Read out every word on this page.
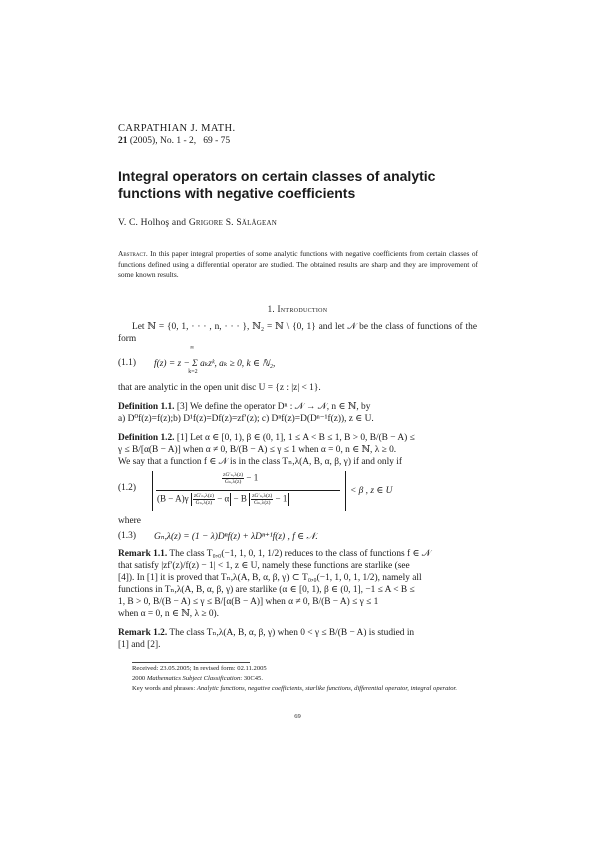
CARPATHIAN J. MATH.
21 (2005), No. 1 - 2, 69 - 75
Integral operators on certain classes of analytic
functions with negative coefficients
V. C. Holhoş and Grigore S. Sălăgean
Abstract. In this paper integral properties of some analytic functions with negative coefficients from certain classes of functions defined using a differential operator are studied. The obtained results are sharp and they are improvement of some known results.
1. Introduction
Let ℕ = {0, 1, · · · , n, · · · }, ℕ₂ = ℕ \ {0, 1} and let 𝒩 be the class of functions of the form
(1.1)
∞
k=2
f(z) = z − Σ aₖzᵏ, aₖ ≥ 0, k ∈ ℕ₂,
that are analytic in the open unit disc U = {z : |z| < 1}.
Definition 1.1. [3] We define the operator Dⁿ : 𝒩 → 𝒩, n ∈ ℕ, by
a) D⁰f(z)=f(z);b) D¹f(z)=Df(z)=zf′(z); c) Dⁿf(z)=D(Dⁿ⁻¹f(z)), z ∈ U.
Definition 1.2. [1] Let α ∈ [0, 1), β ∈ (0, 1], 1 ≤ A < B ≤ 1, B > 0, B/(B − A) ≤
γ ≤ B/[α(B − A)] when α ≠ 0, B/(B − A) ≤ γ ≤ 1 when α = 0, n ∈ ℕ, λ ≥ 0.
We say that a function f ∈ 𝒩 is in the class Tₙ,λ(A, B, α, β, γ) if and only if
(1.2)
$\frac{\text{zG′ₙ,λ(z)}}{\text{Gₙ,λ(z)}} - 1$
$(B - A)\gamma \frac{\text{zG′ₙ,λ(z)}}{\text{Gₙ,λ(z)}} - \alpha - B \frac{\text{zG′ₙ,λ(z)}}{\text{Gₙ,λ(z)}} - 1$
< β , z ∈ U
where
(1.3) Gₙ,λ(z) = (1 − λ)Dⁿf(z) + λDⁿ⁺¹f(z) , f ∈ 𝒩.
Remark 1.1. The class T₀,₀(−1, 1, 0, 1, 1/2) reduces to the class of functions f ∈ 𝒩
that satisfy |zf′(z)/f(z) − 1| < 1, z ∈ U, namely these functions are starlike (see
[4]). In [1] it is proved that Tₙ,λ(A, B, α, β, γ) ⊂ T₀,₀(−1, 1, 0, 1, 1/2), namely all
functions in Tₙ,λ(A, B, α, β, γ) are starlike (α ∈ [0, 1), β ∈ (0, 1], −1 ≤ A < B ≤
1, B > 0, B/(B − A) ≤ γ ≤ B/[α(B − A)] when α ≠ 0, B/(B − A) ≤ γ ≤ 1
when α = 0, n ∈ ℕ, λ ≥ 0).
Remark 1.2. The class Tₙ,λ(A, B, α, β, γ) when 0 < γ ≤ B/(B − A) is studied in
[1] and [2].
Received: 23.05.2005; In revised form: 02.11.2005
2000 Mathematics Subject Classification: 30C45.
Key words and phrases: Analytic functions, negative coefficients, starlike functions, differential operator, integral operator.
69
